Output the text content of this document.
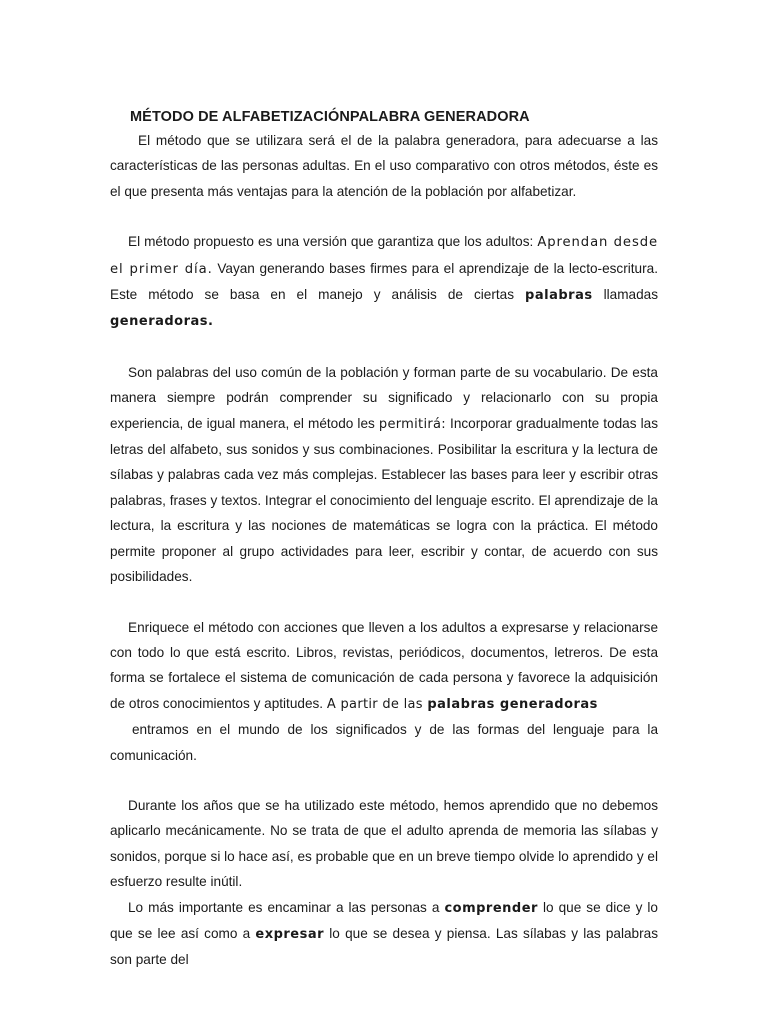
MÉTODO DE ALFABETIZACIÓNPALABRA GENERADORA

El método que se utilizara será el de la palabra generadora, para adecuarse a las características de las personas adultas. En el uso comparativo con otros métodos, éste es el que presenta más ventajas para la atención de la población por alfabetizar.

El método propuesto es una versión que garantiza que los adultos: Aprendan desde el primer día. Vayan generando bases firmes para el aprendizaje de la lecto-escritura. Este método se basa en el manejo y análisis de ciertas palabras llamadas generadoras.

Son palabras del uso común de la población y forman parte de su vocabulario. De esta manera siempre podrán comprender su significado y relacionarlo con su propia experiencia, de igual manera, el método les permitirá: Incorporar gradualmente todas las letras del alfabeto, sus sonidos y sus combinaciones. Posibilitar la escritura y la lectura de sílabas y palabras cada vez más complejas. Establecer las bases para leer y escribir otras palabras, frases y textos. Integrar el conocimiento del lenguaje escrito. El aprendizaje de la lectura, la escritura y las nociones de matemáticas se logra con la práctica. El método permite proponer al grupo actividades para leer, escribir y contar, de acuerdo con sus posibilidades.

Enriquece el método con acciones que lleven a los adultos a expresarse y relacionarse con todo lo que está escrito. Libros, revistas, periódicos, documentos, letreros. De esta forma se fortalece el sistema de comunicación de cada persona y favorece la adquisición de otros conocimientos y aptitudes. A partir de las palabras generadoras

entramos en el mundo de los significados y de las formas del lenguaje para la comunicación.

Durante los años que se ha utilizado este método, hemos aprendido que no debemos aplicarlo mecánicamente. No se trata de que el adulto aprenda de memoria las sílabas y sonidos, porque si lo hace así, es probable que en un breve tiempo olvide lo aprendido y el esfuerzo resulte inútil.

Lo más importante es encaminar a las personas a comprender lo que se dice y lo que se lee así como a expresar lo que se desea y piensa. Las sílabas y las palabras son parte del
